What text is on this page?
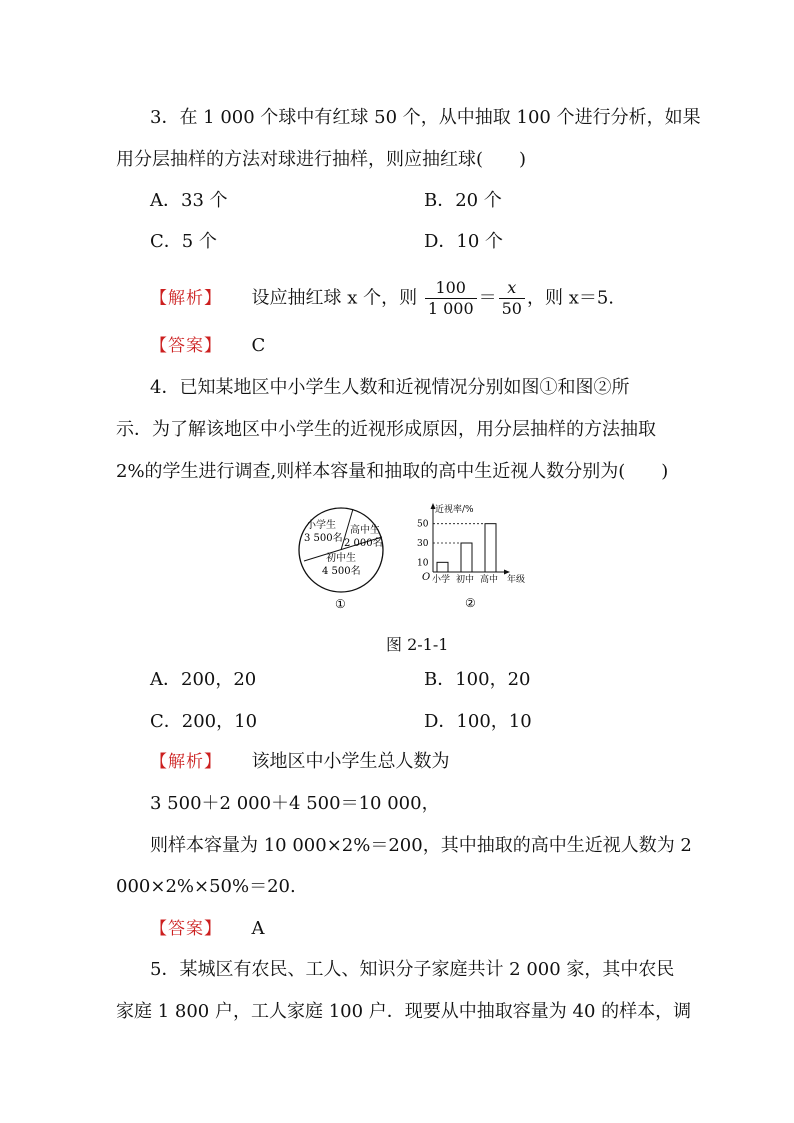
3．在 1 000 个球中有红球 50 个，从中抽取 100 个进行分析，如果
用分层抽样的方法对球进行抽样，则应抽红球(　　)
A．33 个	B．20 个
C．5 个	D．10 个
【解析】 设应抽红球 x 个，则 $\frac{100}{1 000} = \frac{x}{50}$ ，则 x＝5.
【答案】 C
4．已知某地区中小学生人数和近视情况分别如图①和图②所
示．为了解该地区中小学生的近视形成原因，用分层抽样的方法抽取
2%的学生进行调查,则样本容量和抽取的高中生近视人数分别为(　　)
小学生
3 500名
高中生
2 000名
初中生
4 500名
①
近视率/%
年级
O
10
30
50
小学 初中 高中
②
图 2-1-1
A．200，20	B．100，20
C．200，10	D．100，10
【解析】 该地区中小学生总人数为
3 500＋2 000＋4 500＝10 000，
则样本容量为 10 000×2%＝200，其中抽取的高中生近视人数为 2
000×2%×50%＝20.
【答案】 A
5．某城区有农民、工人、知识分子家庭共计 2 000 家，其中农民
家庭 1 800 户，工人家庭 100 户．现要从中抽取容量为 40 的样本，调
